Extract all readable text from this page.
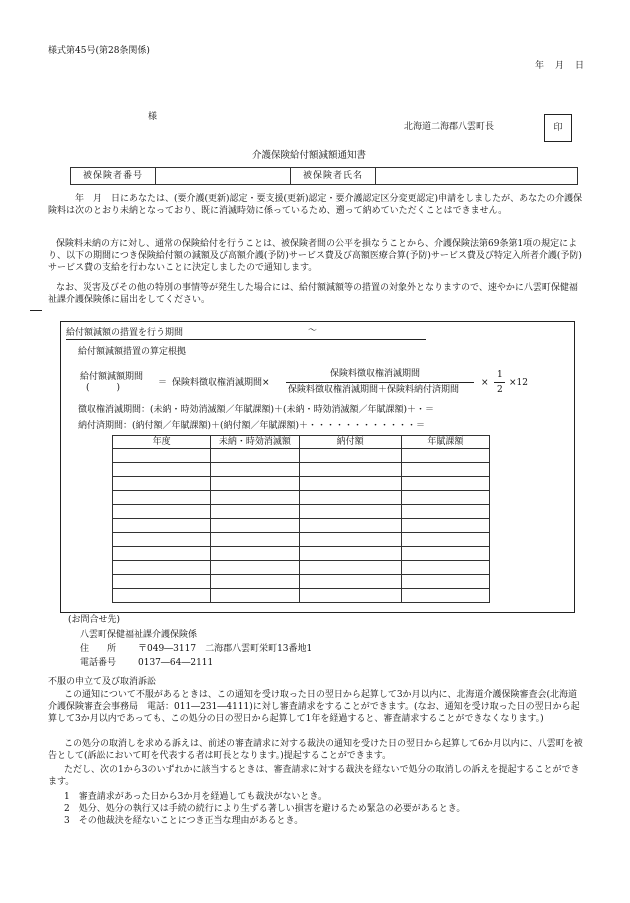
様式第45号(第28条関係)
年　月　日
様
北海道二海郡八雲町長	印
介護保険給付額減額通知書
被保険者番号		被保険者氏名	
　年　月　日にあなたは、(要介護(更新)認定・要支援(更新)認定・要介護認定区分変更認定)申請をしましたが、あなたの介護保険料は次のとおり未納となっており、既に消滅時効に係っているため、遡って納めていただくことはできません。
保険料未納の方に対し、通常の保険給付を行うことは、被保険者間の公平を損なうことから、介護保険法第69条第1項の規定により、以下の期間につき保険給付額の減額及び高額介護(予防)サービス費及び高額医療合算(予防)サービス費及び特定入所者介護(予防)サービス費の支給を行わないことに決定しましたので通知します。
なお、災害及びその他の特別の事情等が発生した場合には、給付額減額等の措置の対象外となりますので、速やかに八雲町保健福祉課介護保険係に届出をしてください。
給付額減額の措置を行う期間	〜
給付額減額措置の算定根拠
給付額減額期間
(　　　)	＝ 保険料徴収権消滅期間×
保険料徴収権消滅期間
保険料徴収権消滅期間＋保険料納付済期間
×
1
2
×12
徴収権消滅期間：(未納・時効消滅額／年賦課額)＋(未納・時効消滅額／年賦課額)＋・＝
納付済期間：(納付額／年賦課額)＋(納付額／年賦課額)＋・・・・・・・・・・・・＝
年度	未納・時効消滅額	納付額	年賦課額

(お問合せ先)
八雲町保健福祉課介護保険係
住　　所 〒049―3117　二海郡八雲町栄町13番地1
電話番号 0137―64―2111
不服の申立て及び取消訴訟
この通知について不服があるときは、この通知を受け取った日の翌日から起算して3か月以内に、北海道介護保険審査会(北海道介護保険審査会事務局　電話：011―231―4111)に対し審査請求をすることができます。(なお、通知を受け取った日の翌日から起算して3か月以内であっても、この処分の日の翌日から起算して1年を経過すると、審査請求することができなくなります。)
この処分の取消しを求める訴えは、前述の審査請求に対する裁決の通知を受けた日の翌日から起算して6か月以内に、八雲町を被告として(訴訟において町を代表する者は町長となります。)提起することができます。
ただし、次の1から3のいずれかに該当するときは、審査請求に対する裁決を経ないで処分の取消しの訴えを提起することができます。
1　審査請求があった日から3か月を経過しても裁決がないとき。
2　処分、処分の執行又は手続の続行により生ずる著しい損害を避けるため緊急の必要があるとき。
3　その他裁決を経ないことにつき正当な理由があるとき。
